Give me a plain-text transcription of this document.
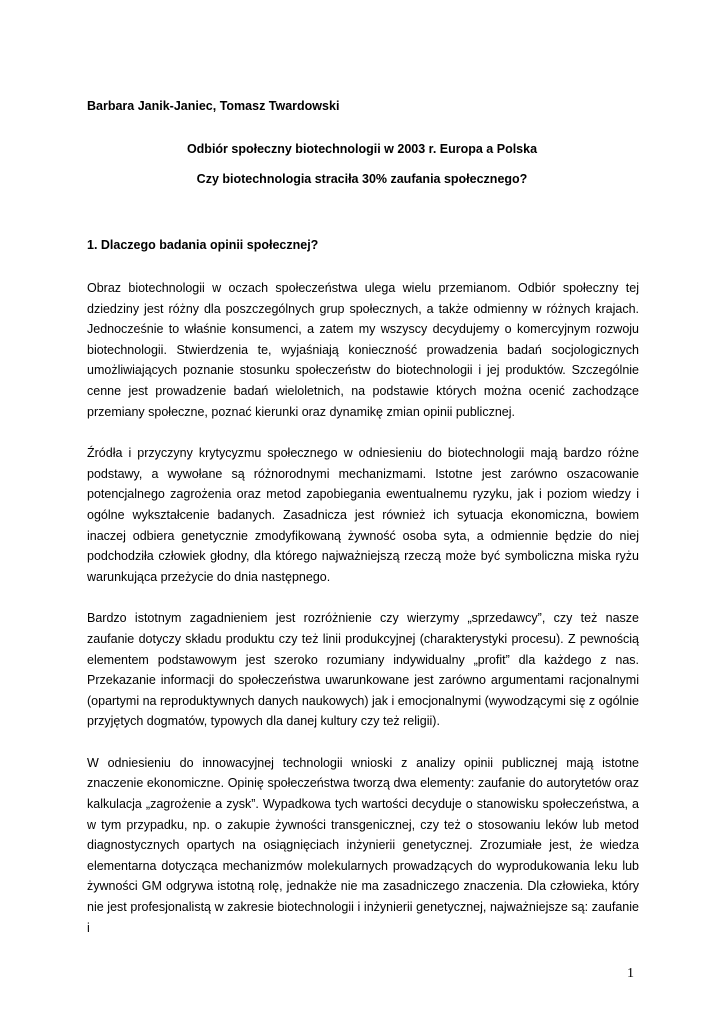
Barbara Janik-Janiec, Tomasz Twardowski
Odbiór społeczny biotechnologii w 2003 r. Europa a Polska
Czy biotechnologia straciła 30% zaufania społecznego?
1. Dlaczego badania opinii społecznej?

Obraz biotechnologii w oczach społeczeństwa ulega wielu przemianom. Odbiór społeczny tej dziedziny jest różny dla poszczególnych grup społecznych, a także odmienny w różnych krajach. Jednocześnie to właśnie konsumenci, a zatem my wszyscy decydujemy o komercyjnym rozwoju biotechnologii. Stwierdzenia te, wyjaśniają konieczność prowadzenia badań socjologicznych umożliwiających poznanie stosunku społeczeństw do biotechnologii i jej produktów. Szczególnie cenne jest prowadzenie badań wieloletnich, na podstawie których można ocenić zachodzące przemiany społeczne, poznać kierunki oraz dynamikę zmian opinii publicznej.

Źródła i przyczyny krytycyzmu społecznego w odniesieniu do biotechnologii mają bardzo różne podstawy, a wywołane są różnorodnymi mechanizmami. Istotne jest zarówno oszacowanie potencjalnego zagrożenia oraz metod zapobiegania ewentualnemu ryzyku, jak i poziom wiedzy i ogólne wykształcenie badanych. Zasadnicza jest również ich sytuacja ekonomiczna, bowiem inaczej odbiera genetycznie zmodyfikowaną żywność osoba syta, a odmiennie będzie do niej podchodziła człowiek głodny, dla którego najważniejszą rzeczą może być symboliczna miska ryżu warunkująca przeżycie do dnia następnego.

Bardzo istotnym zagadnieniem jest rozróżnienie czy wierzymy „sprzedawcy”, czy też nasze zaufanie dotyczy składu produktu czy też linii produkcyjnej (charakterystyki procesu). Z pewnością elementem podstawowym jest szeroko rozumiany indywidualny „profit” dla każdego z nas. Przekazanie informacji do społeczeństwa uwarunkowane jest zarówno argumentami racjonalnymi (opartymi na reproduktywnych danych naukowych) jak i emocjonalnymi (wywodzącymi się z ogólnie przyjętych dogmatów, typowych dla danej kultury czy też religii).

W odniesieniu do innowacyjnej technologii wnioski z analizy opinii publicznej mają istotne znaczenie ekonomiczne. Opinię społeczeństwa tworzą dwa elementy: zaufanie do autorytetów oraz kalkulacja „zagrożenie a zysk”. Wypadkowa tych wartości decyduje o stanowisku społeczeństwa, a w tym przypadku, np. o zakupie żywności transgenicznej, czy też o stosowaniu leków lub metod diagnostycznych opartych na osiągnięciach inżynierii genetycznej. Zrozumiałe jest, że wiedza elementarna dotycząca mechanizmów molekularnych prowadzących do wyprodukowania leku lub żywności GM odgrywa istotną rolę, jednakże nie ma zasadniczego znaczenia. Dla człowieka, który nie jest profesjonalistą w zakresie biotechnologii i inżynierii genetycznej, najważniejsze są: zaufanie i

1
